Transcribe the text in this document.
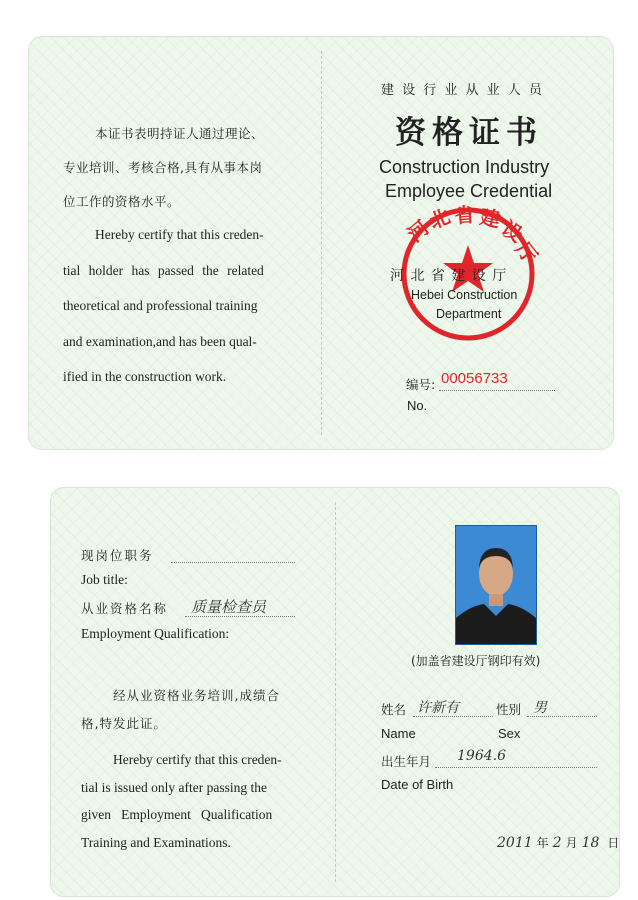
本证书表明持证人通过理论、
专业培训、考核合格,具有从事本岗
位工作的资格水平。
Hereby certify that this creden-
tial holder has passed the related
theoretical and professional training
and examination,and has been qual-
ified in the construction work.
建 设 行 业 从 业 人 员
资格证书
Construction Industry
Employee Credential
河
北 省 建
设
厅
河 北 省 建 设 厅
Hebei Construction
Department
编号: 00056733
No.
现岗位职务
Job title:
从业资格名称 质量检查员
Employment Qualification:
经从业资格业务培训,成绩合
格,特发此证。
Hereby certify that this creden-
tial is issued only after passing the
given   Employment   Qualification
Training and Examinations.
(加盖省建设厅钢印有效)
姓名 许新有	性别 男
Name	Sex
出生年月 1964.6
Date of Birth
2011 年 2 月 18 日
